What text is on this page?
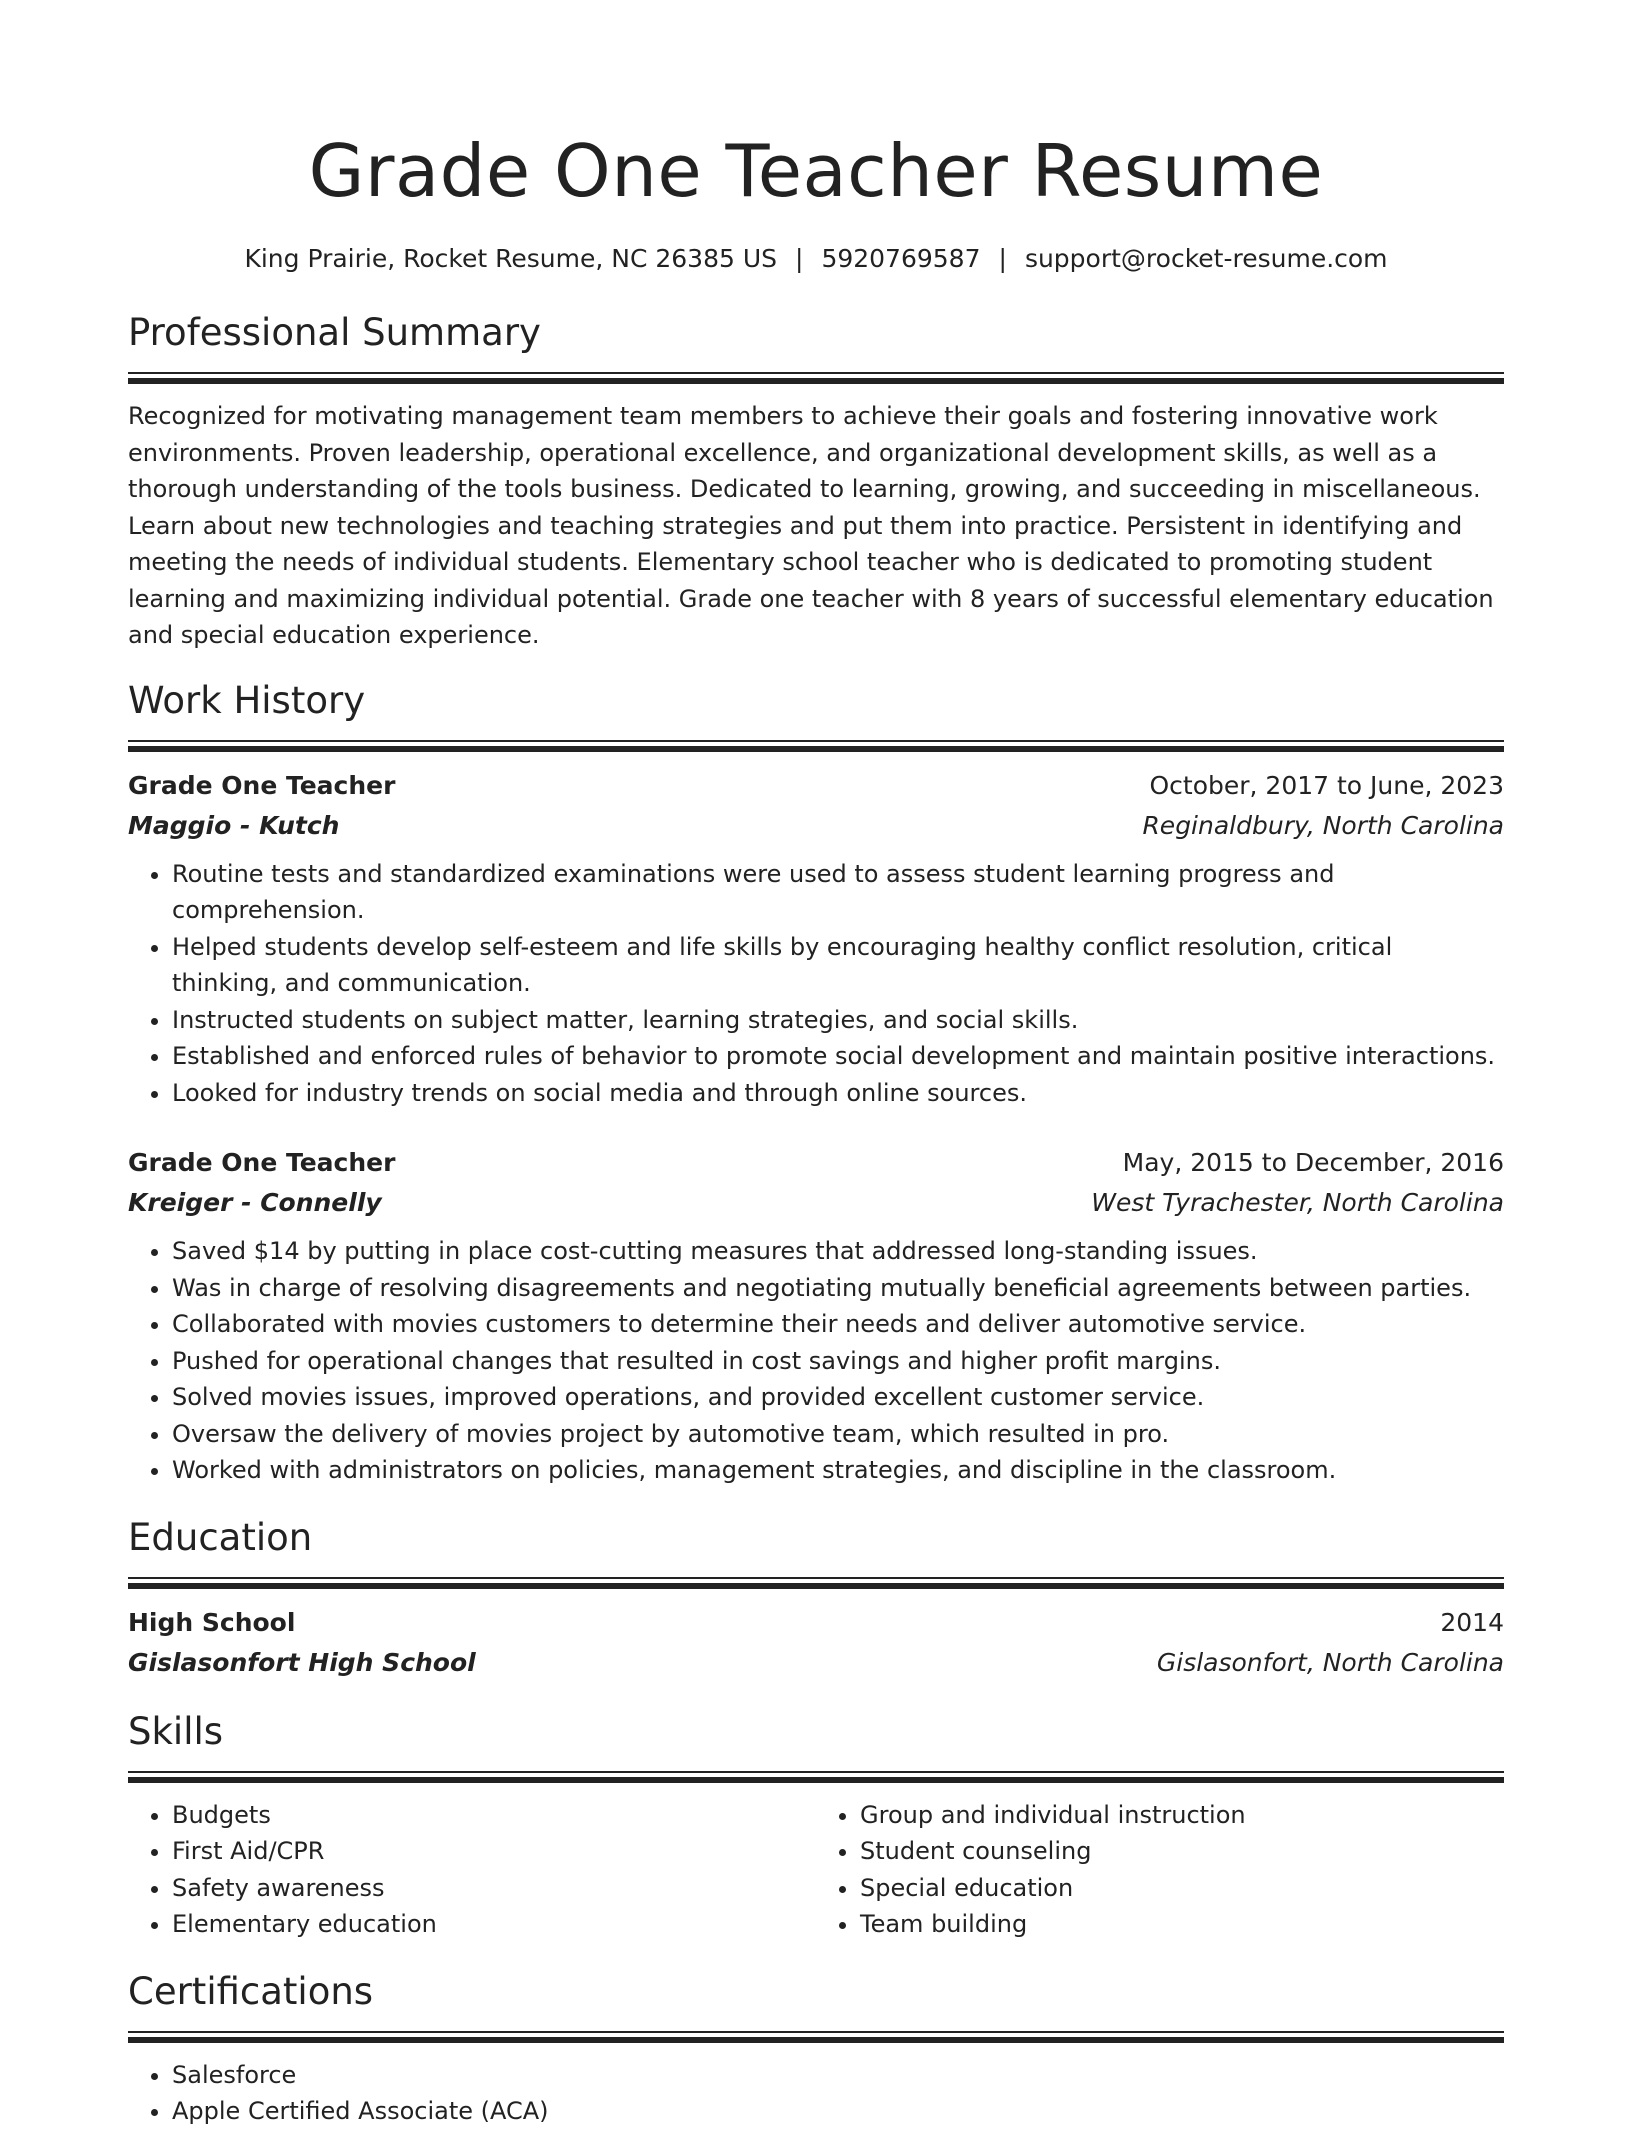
Grade One Teacher Resume
King Prairie, Rocket Resume, NC 26385 US | 5920769587 | support@rocket-resume.com
Professional Summary
Recognized for motivating management team members to achieve their goals and fostering innovative work environments. Proven leadership, operational excellence, and organizational development skills, as well as a thorough understanding of the tools business. Dedicated to learning, growing, and succeeding in miscellaneous. Learn about new technologies and teaching strategies and put them into practice. Persistent in identifying and meeting the needs of individual students. Elementary school teacher who is dedicated to promoting student learning and maximizing individual potential. Grade one teacher with 8 years of successful elementary education and special education experience.
Work History
Grade One Teacher	October, 2017 to June, 2023
Maggio - Kutch	Reginaldbury, North Carolina
• Routine tests and standardized examinations were used to assess student learning progress and comprehension.
• Helped students develop self-esteem and life skills by encouraging healthy conflict resolution, critical thinking, and communication.
• Instructed students on subject matter, learning strategies, and social skills.
• Established and enforced rules of behavior to promote social development and maintain positive interactions.
• Looked for industry trends on social media and through online sources.
Grade One Teacher	May, 2015 to December, 2016
Kreiger - Connelly	West Tyrachester, North Carolina
• Saved $14 by putting in place cost-cutting measures that addressed long-standing issues.
• Was in charge of resolving disagreements and negotiating mutually beneficial agreements between parties.
• Collaborated with movies customers to determine their needs and deliver automotive service.
• Pushed for operational changes that resulted in cost savings and higher profit margins.
• Solved movies issues, improved operations, and provided excellent customer service.
• Oversaw the delivery of movies project by automotive team, which resulted in pro.
• Worked with administrators on policies, management strategies, and discipline in the classroom.
Education
High School	2014
Gislasonfort High School	Gislasonfort, North Carolina
Skills
• Budgets
• First Aid/CPR
• Safety awareness
• Elementary education
• Group and individual instruction
• Student counseling
• Special education
• Team building
Certifications
• Salesforce
• Apple Certified Associate (ACA)
